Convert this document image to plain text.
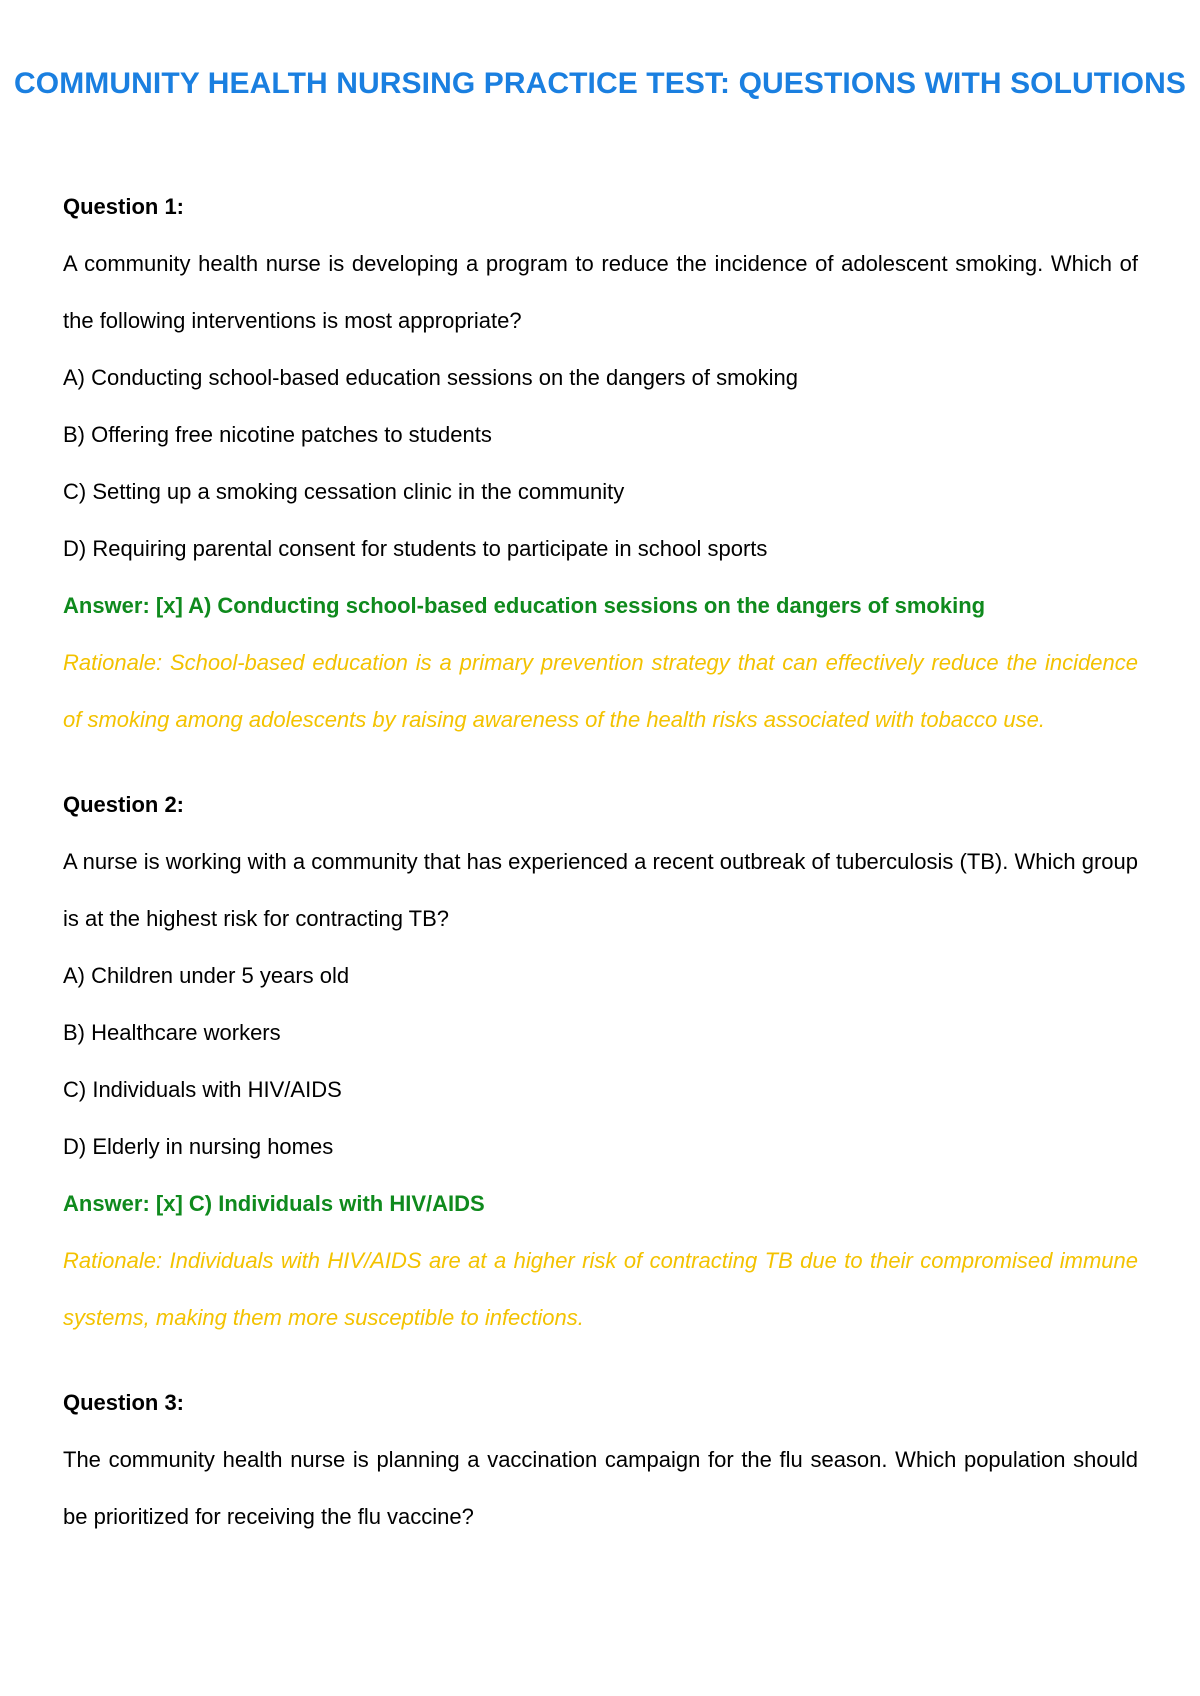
COMMUNITY HEALTH NURSING PRACTICE TEST: QUESTIONS WITH SOLUTIONS

Question 1:

A community health nurse is developing a program to reduce the incidence of adolescent smoking. Which of the following interventions is most appropriate?

A) Conducting school-based education sessions on the dangers of smoking

B) Offering free nicotine patches to students

C) Setting up a smoking cessation clinic in the community

D) Requiring parental consent for students to participate in school sports

Answer: [x] A) Conducting school-based education sessions on the dangers of smoking

Rationale: School-based education is a primary prevention strategy that can effectively reduce the incidence of smoking among adolescents by raising awareness of the health risks associated with tobacco use.

Question 2:

A nurse is working with a community that has experienced a recent outbreak of tuberculosis (TB). Which group is at the highest risk for contracting TB?

A) Children under 5 years old

B) Healthcare workers

C) Individuals with HIV/AIDS

D) Elderly in nursing homes

Answer: [x] C) Individuals with HIV/AIDS

Rationale: Individuals with HIV/AIDS are at a higher risk of contracting TB due to their compromised immune systems, making them more susceptible to infections.

Question 3:

The community health nurse is planning a vaccination campaign for the flu season. Which population should be prioritized for receiving the flu vaccine?
